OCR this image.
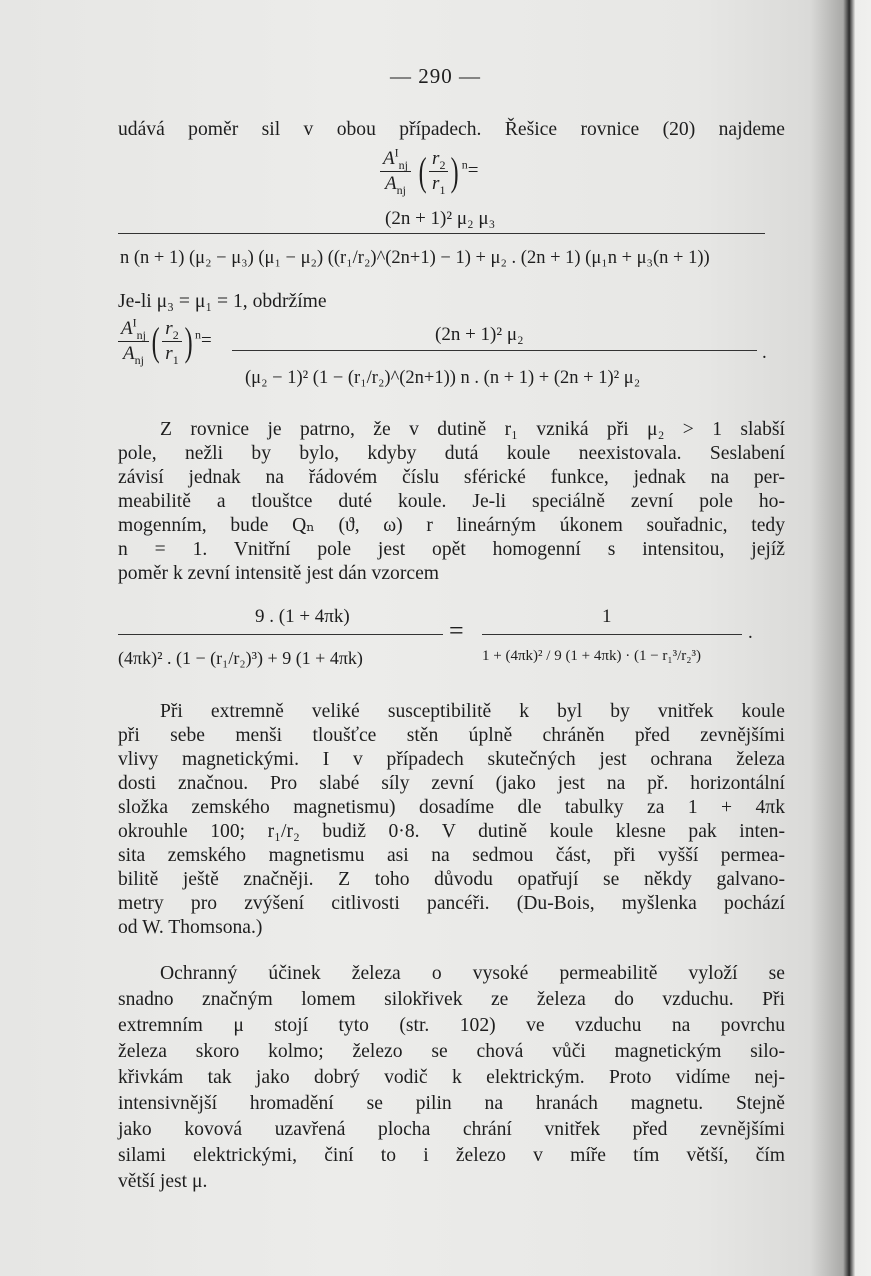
— 290 —
udává poměr sil v obou případech. Řešice rovnice (20) najdeme
$\frac{A^I_{nj}}{A_{nj}}$ ( $\frac{r_2}{r_1}$ ) $^n$=
(2n + 1)² μ₂ μ₃
n (n + 1) (μ₂ − μ₃) (μ₁ − μ₂) ((r₁/r₂)^(2n+1) − 1) + μ₂ . (2n + 1) (μ₁n + μ₃(n + 1))
Je-li μ₃ = μ₁ = 1, obdržíme
$\frac{A^I_{nj}}{A_{nj}}$ ( $\frac{r_2}{r_1}$ ) $^n$=	(2n + 1)² μ₂
(μ₂ − 1)² (1 − (r₁/r₂)^(2n+1)) n . (n + 1) + (2n + 1)² μ₂
.
Z rovnice je patrno, že v dutině r₁ vzniká při μ₂ > 1 slabší
pole, nežli by bylo, kdyby dutá koule neexistovala. Seslabení
závisí jednak na řádovém číslu sférické funkce, jednak na per-
meabilitě a tlouštce duté koule. Je-li speciálně zevní pole ho-
mogenním, bude Qₙ (ϑ, ω) r lineárným úkonem souřadnic, tedy
n = 1. Vnitřní pole jest opět homogenní s intensitou, jejíž
poměr k zevní intensitě jest dán vzorcem
9 . (1 + 4πk)
(4πk)² . (1 − (r₁/r₂)³) + 9 (1 + 4πk)
=	1
1 + (4πk)² / 9 (1 + 4πk) · (1 − r₁³/r₂³)
.
Při extremně veliké susceptibilitě k byl by vnitřek koule
při sebe menši tloušťce stěn úplně chráněn před zevnějšími
vlivy magnetickými. I v případech skutečných jest ochrana železa
dosti značnou. Pro slabé síly zevní (jako jest na př. horizontální
složka zemského magnetismu) dosadíme dle tabulky za 1 + 4πk
okrouhle 100; r₁/r₂ budiž 0·8. V dutině koule klesne pak inten-
sita zemského magnetismu asi na sedmou část, při vyšší permea-
bilitě ještě značněji. Z toho důvodu opatřují se někdy galvano-
metry pro zvýšení citlivosti pancéři. (Du-Bois, myšlenka pochází
od W. Thomsona.)
Ochranný účinek železa o vysoké permeabilitě vyloží se
snadno značným lomem silokřivek ze železa do vzduchu. Při
extremním μ stojí tyto (str. 102) ve vzduchu na povrchu
železa skoro kolmo; železo se chová vůči magnetickým silo-
křivkám tak jako dobrý vodič k elektrickým. Proto vidíme nej-
intensivnější hromadění se pilin na hranách magnetu. Stejně
jako kovová uzavřená plocha chrání vnitřek před zevnějšími
silami elektrickými, činí to i železo v míře tím větší, čím
větší jest μ.
